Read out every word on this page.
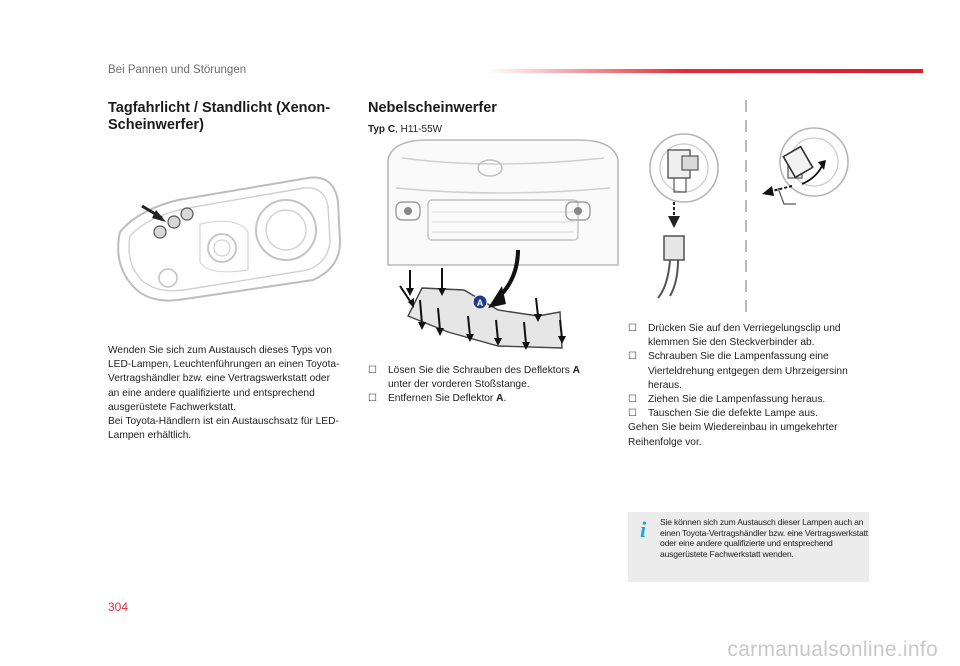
Bei Pannen und Störungen
Tagfahrlicht / Standlicht (Xenon-Scheinwerfer)
Wenden Sie sich zum Austausch dieses Typs von LED-Lampen, Leuchtenführungen an einen Toyota-Vertragshändler bzw. eine Vertragswerkstatt oder an eine andere qualifizierte und entsprechend ausgerüstete Fachwerkstatt.
Bei Toyota-Händlern ist ein Austauschsatz für LED-Lampen erhältlich.
Nebelscheinwerfer
Typ C, H11-55W
A
☐ Lösen Sie die Schrauben des Deflektors A
unter der vorderen Stoßstange.
☐ Entfernen Sie Deflektor A.
☐ Drücken Sie auf den Verriegelungsclip und klemmen Sie den Steckverbinder ab.
☐ Schrauben Sie die Lampenfassung eine Vierteldrehung entgegen dem Uhrzeigersinn heraus.
☐ Ziehen Sie die Lampenfassung heraus.
☐ Tauschen Sie die defekte Lampe aus.
Gehen Sie beim Wiedereinbau in umgekehrter Reihenfolge vor.
i	Sie können sich zum Austausch dieser Lampen auch an einen Toyota-Vertragshändler bzw. eine Vertragswerkstatt oder eine andere qualifizierte und entsprechend ausgerüstete Fachwerkstatt wenden.
304
carmanualsonline.info
